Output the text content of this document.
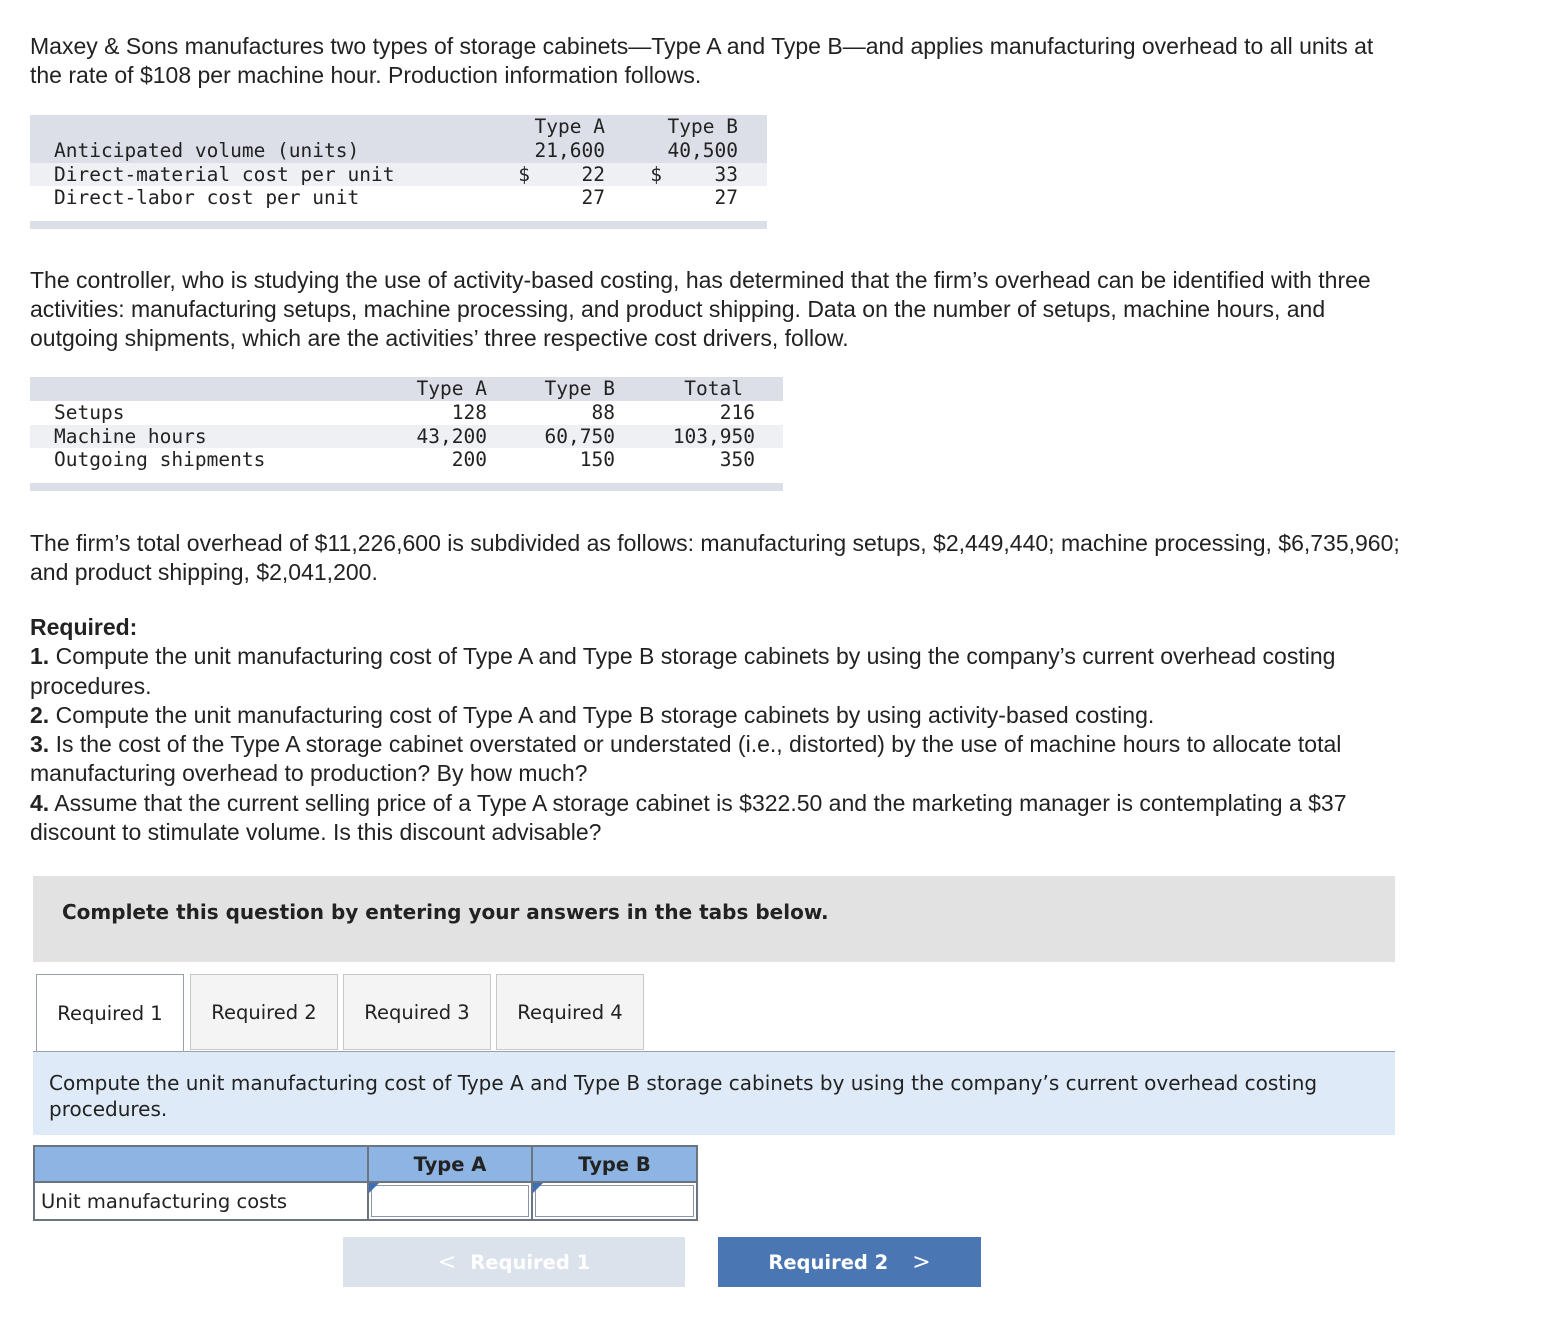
Maxey & Sons manufactures two types of storage cabinets—Type A and Type B—and applies manufacturing overhead to all units at
the rate of $108 per machine hour. Production information follows.

Type A	Type B
Anticipated volume (units)	21,600	40,500
Direct-material cost per unit	$	22	$	33
Direct-labor cost per unit	27	27

The controller, who is studying the use of activity-based costing, has determined that the firm’s overhead can be identified with three
activities: manufacturing setups, machine processing, and product shipping. Data on the number of setups, machine hours, and
outgoing shipments, which are the activities’ three respective cost drivers, follow.

Type A	Type B	Total
Setups	128	88	216
Machine hours	43,200	60,750	103,950
Outgoing shipments	200	150	350

The firm’s total overhead of $11,226,600 is subdivided as follows: manufacturing setups, $2,449,440; machine processing, $6,735,960;
and product shipping, $2,041,200.

Required:
1. Compute the unit manufacturing cost of Type A and Type B storage cabinets by using the company’s current overhead costing
procedures.
2. Compute the unit manufacturing cost of Type A and Type B storage cabinets by using activity-based costing.
3. Is the cost of the Type A storage cabinet overstated or understated (i.e., distorted) by the use of machine hours to allocate total
manufacturing overhead to production? By how much?
4. Assume that the current selling price of a Type A storage cabinet is $322.50 and the marketing manager is contemplating a $37
discount to stimulate volume. Is this discount advisable?

Complete this question by entering your answers in the tabs below.
Required 1	Required 2	Required 3	Required 4
Compute the unit manufacturing cost of Type A and Type B storage cabinets by using the company’s current overhead costing
procedures.
Type A	Type B
Unit manufacturing costs
< Required 1	Required 2 >
